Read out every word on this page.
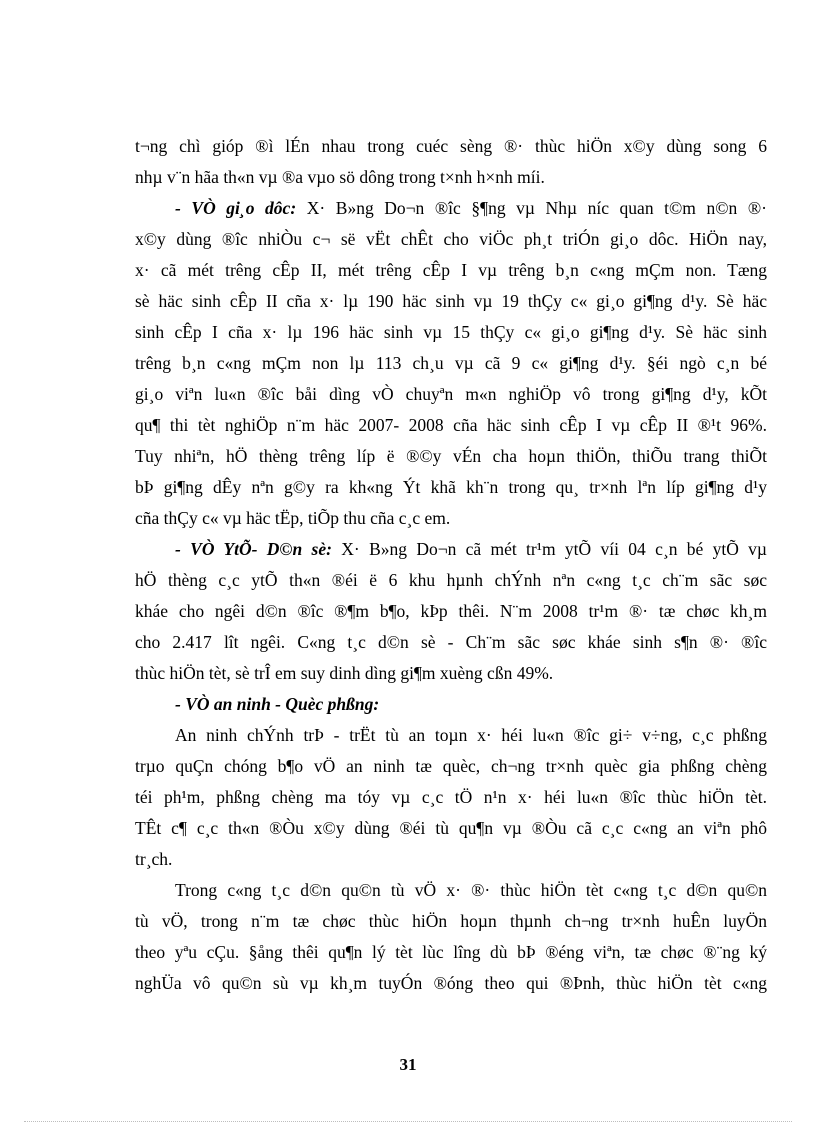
t¬ng chì gióp ®ì lÉn nhau trong cuéc sèng ®· thùc hiÖn x©y dùng song 6
nhµ v¨n hãa th«n vµ ®a vµo sö dông trong t×nh h×nh míi.
- VÒ gi¸o dôc: X· B»ng Do¬n ®îc §¶ng vµ Nhµ níc quan t©m n©n ®·
x©y dùng ®îc nhiÒu c¬ së vËt chÊt cho viÖc ph¸t triÓn gi¸o dôc. HiÖn nay,
x· cã mét trêng cÊp II, mét trêng cÊp I vµ trêng b¸n c«ng mÇm non. Tæng
sè häc sinh cÊp II cña x· lµ 190 häc sinh vµ 19 thÇy c« gi¸o gi¶ng d¹y. Sè häc
sinh cÊp I cña x· lµ 196 häc sinh vµ 15 thÇy c« gi¸o gi¶ng d¹y. Sè häc sinh
trêng b¸n c«ng mÇm non lµ 113 ch¸u vµ cã 9 c« gi¶ng d¹y. §éi ngò c¸n bé
gi¸o viªn lu«n ®îc båi dìng vÒ chuyªn m«n nghiÖp vô trong gi¶ng d¹y, kÕt
qu¶ thi tèt nghiÖp n¨m häc 2007- 2008 cña häc sinh cÊp I vµ cÊp II ®¹t 96%.
Tuy nhiªn, hÖ thèng trêng líp ë ®©y vÉn cha hoµn thiÖn, thiÕu trang thiÕt
bÞ gi¶ng dÊy nªn g©y ra kh«ng Ýt khã kh¨n trong qu¸ tr×nh lªn líp gi¶ng d¹y
cña thÇy c« vµ häc tËp, tiÕp thu cña c¸c em.
- VÒ YtÕ- D©n sè: X· B»ng Do¬n cã mét tr¹m ytÕ víi 04 c¸n bé ytÕ vµ
hÖ thèng c¸c ytÕ th«n ®éi ë 6 khu hµnh chÝnh nªn c«ng t¸c ch¨m sãc søc
kháe cho ngêi d©n ®îc ®¶m b¶o, kÞp thêi. N¨m 2008 tr¹m ®· tæ chøc kh¸m
cho 2.417 lît ngêi. C«ng t¸c d©n sè - Ch¨m sãc søc kháe sinh s¶n ®· ®îc
thùc hiÖn tèt, sè trÎ em suy dinh dìng gi¶m xuèng cßn 49%.
- VÒ an ninh - Quèc phßng:
An ninh chÝnh trÞ - trËt tù an toµn x· héi lu«n ®îc gi÷ v÷ng, c¸c phßng
trµo quÇn chóng b¶o vÖ an ninh tæ quèc, ch¬ng tr×nh quèc gia phßng chèng
téi ph¹m, phßng chèng ma tóy vµ c¸c tÖ n¹n x· héi lu«n ®îc thùc hiÖn tèt.
TÊt c¶ c¸c th«n ®Òu x©y dùng ®éi tù qu¶n vµ ®Òu cã c¸c c«ng an viªn phô
tr¸ch.
Trong c«ng t¸c d©n qu©n tù vÖ x· ®· thùc hiÖn tèt c«ng t¸c d©n qu©n
tù vÖ, trong n¨m tæ chøc thùc hiÖn hoµn thµnh ch¬ng tr×nh huÊn luyÖn
theo yªu cÇu. §ång thêi qu¶n lý tèt lùc lîng dù bÞ ®éng viªn, tæ chøc ®¨ng ký
nghÜa vô qu©n sù vµ kh¸m tuyÓn ®óng theo qui ®Þnh, thùc hiÖn tèt c«ng
31
